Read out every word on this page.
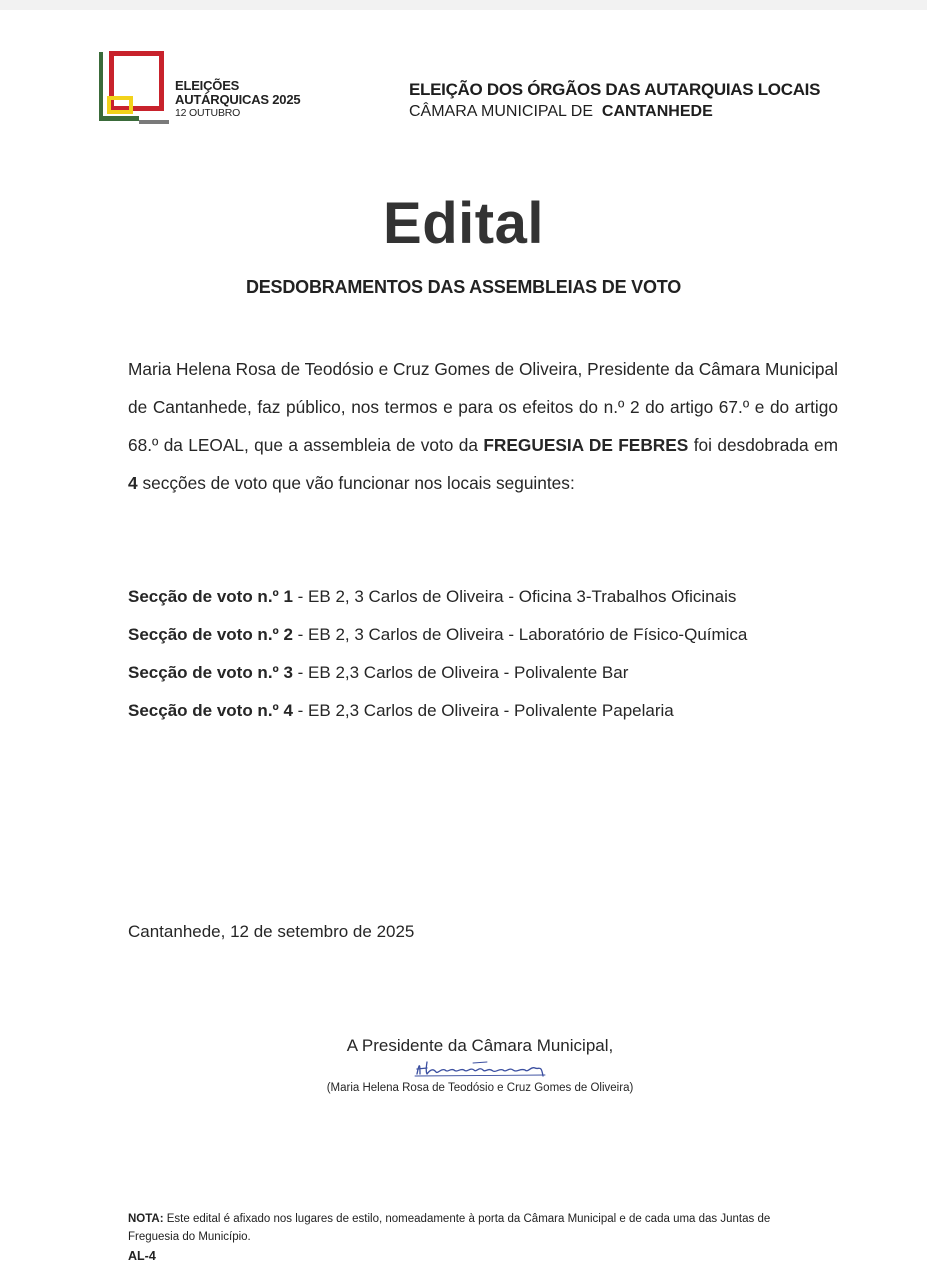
ELEIÇÕES
AUTÁRQUICAS 2025
12 OUTUBRO
ELEIÇÃO DOS ÓRGÃOS DAS AUTARQUIAS LOCAIS
CÂMARA MUNICIPAL DE CANTANHEDE
Edital
DESDOBRAMENTOS DAS ASSEMBLEIAS DE VOTO
Maria Helena Rosa de Teodósio e Cruz Gomes de Oliveira, Presidente da Câmara Municipal de Cantanhede, faz público, nos termos e para os efeitos do n.º 2 do artigo 67.º e do artigo 68.º da LEOAL, que a assembleia de voto da FREGUESIA DE FEBRES foi desdobrada em 4 secções de voto que vão funcionar nos locais seguintes:
Secção de voto n.º 1 - EB 2, 3 Carlos de Oliveira - Oficina 3-Trabalhos Oficinais
Secção de voto n.º 2 - EB 2, 3 Carlos de Oliveira - Laboratório de Físico-Química
Secção de voto n.º 3 - EB 2,3 Carlos de Oliveira - Polivalente Bar
Secção de voto n.º 4 - EB 2,3 Carlos de Oliveira - Polivalente Papelaria
Cantanhede, 12 de setembro de 2025
A Presidente da Câmara Municipal,
(Maria Helena Rosa de Teodósio e Cruz Gomes de Oliveira)
NOTA: Este edital é afixado nos lugares de estilo, nomeadamente à porta da Câmara Municipal e de cada uma das Juntas de Freguesia do Município.
AL-4
